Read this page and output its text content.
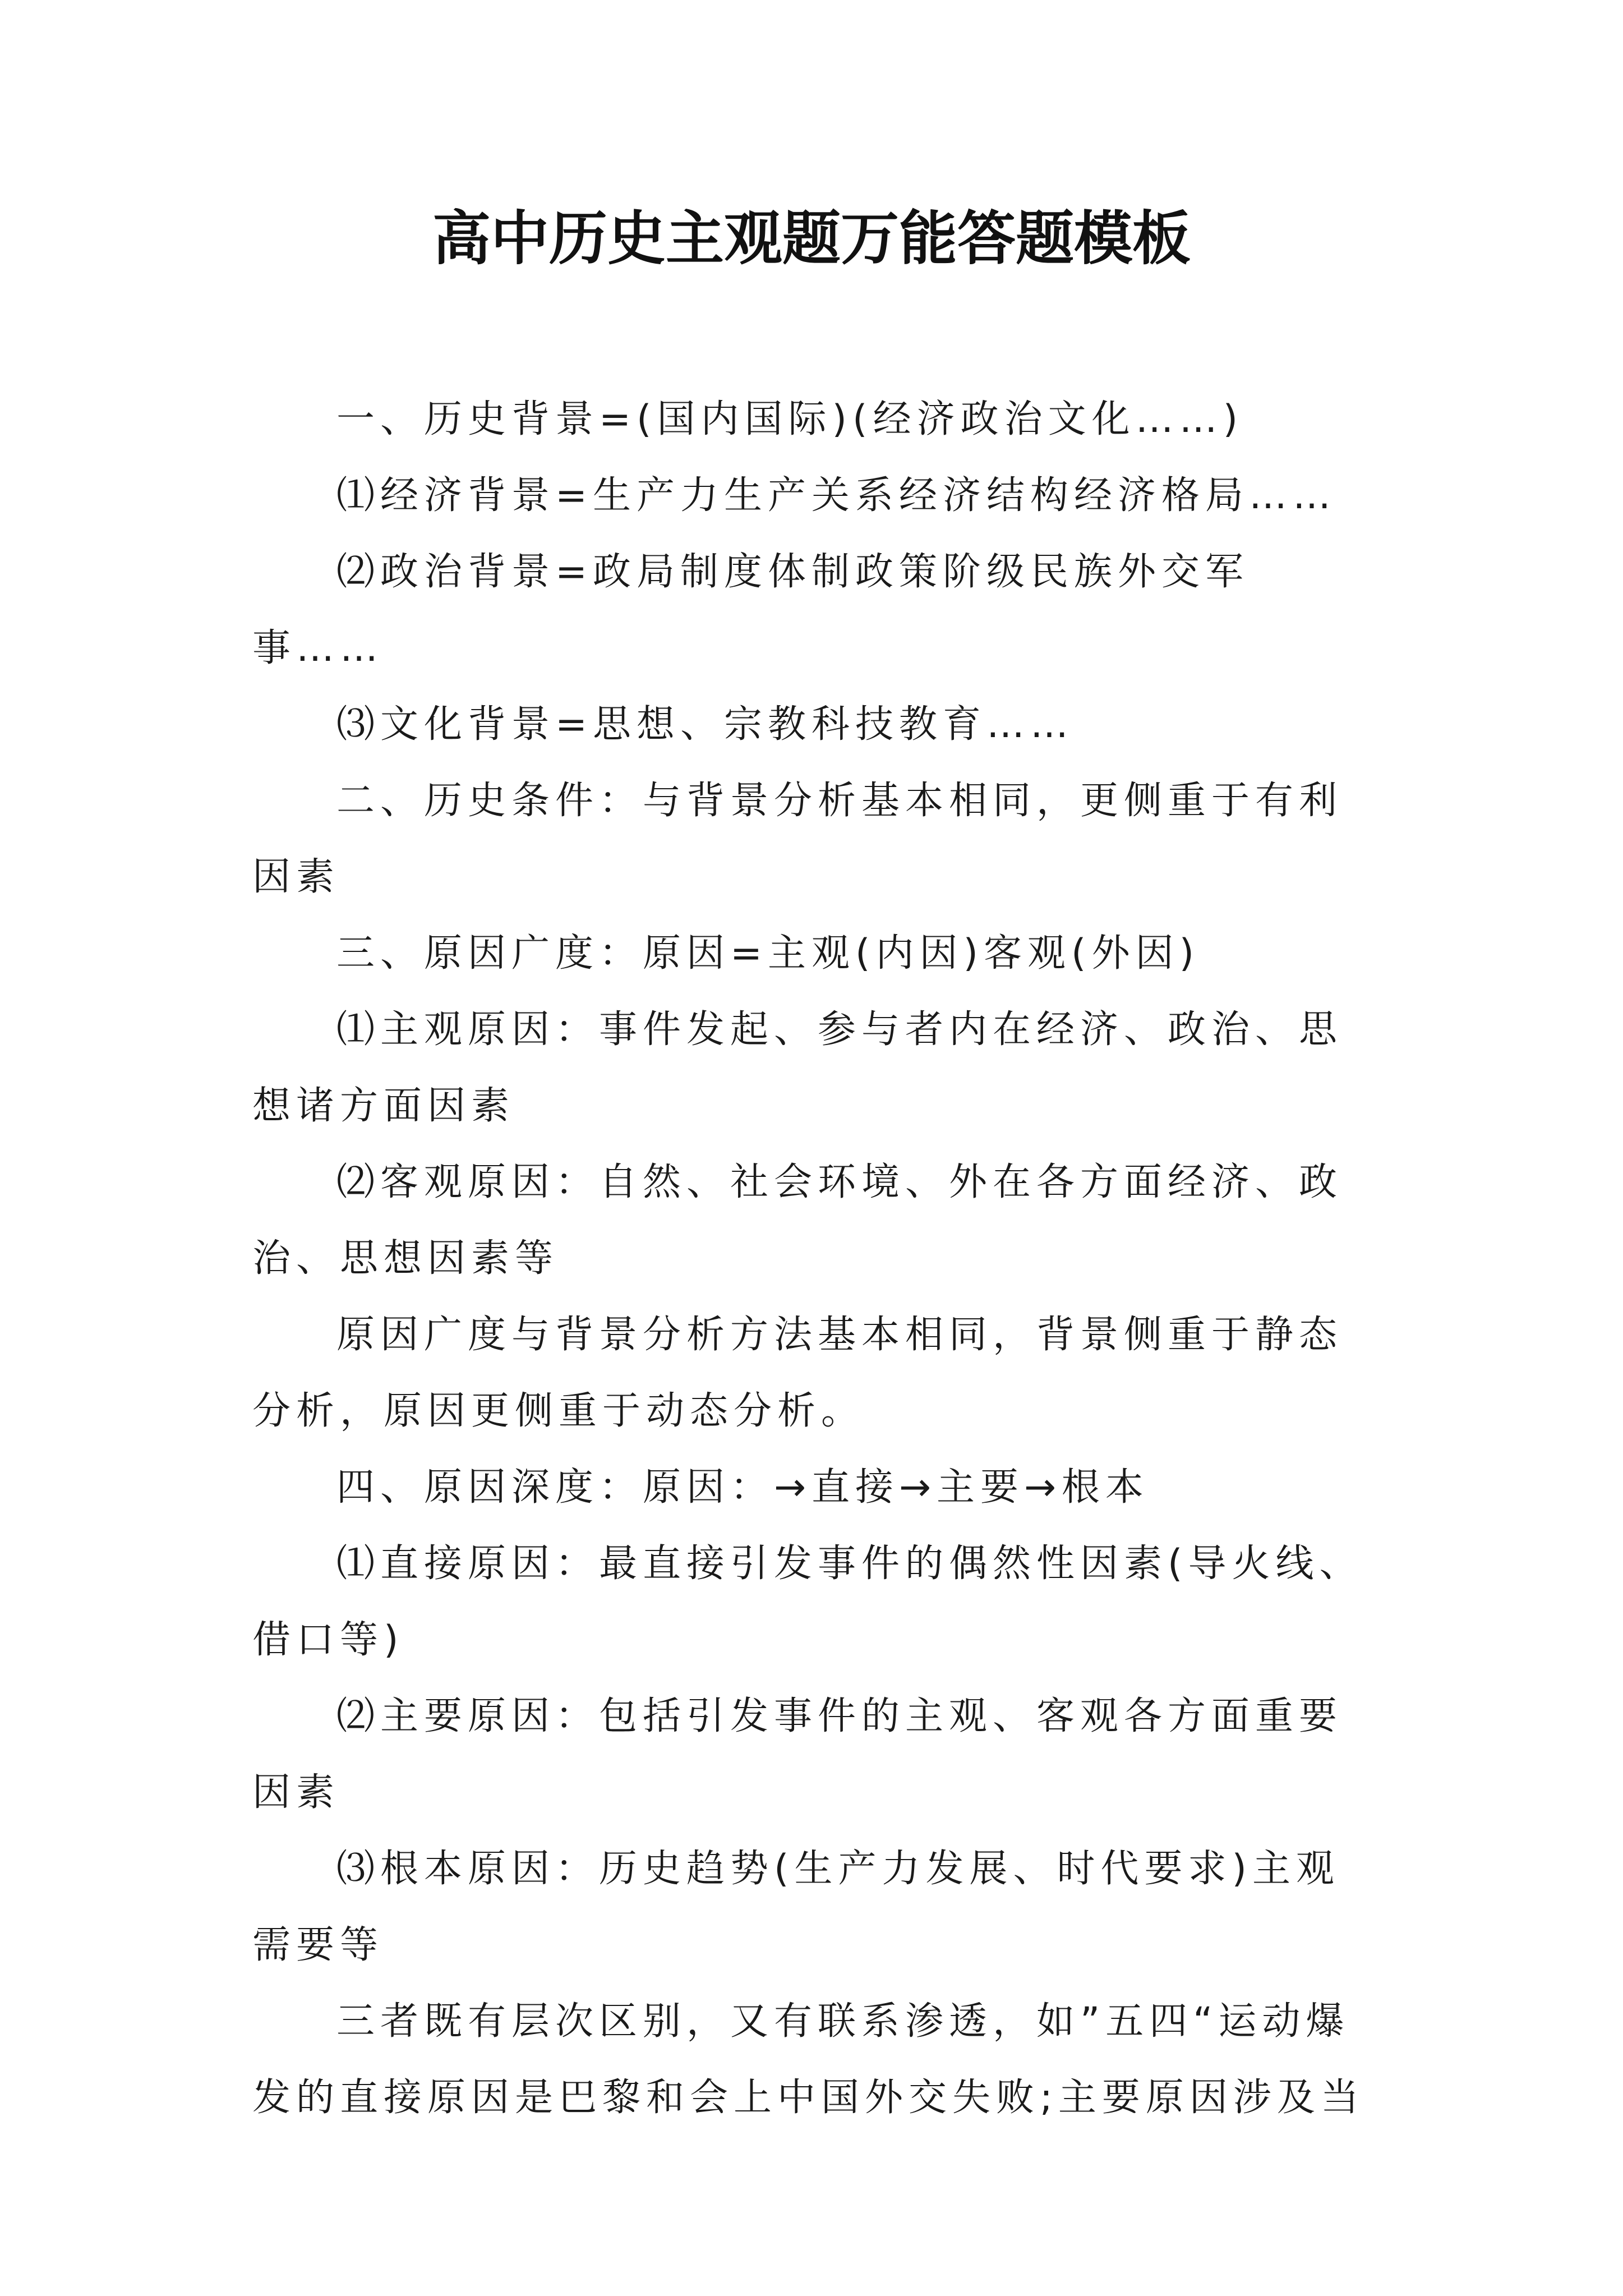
高中历史主观题万能答题模板

一、历史背景=(国内国际)(经济政治文化……)

⑴经济背景=生产力生产关系经济结构经济格局……

⑵政治背景=政局制度体制政策阶级民族外交军事……

⑶文化背景=思想、宗教科技教育……

二、历史条件：与背景分析基本相同，更侧重于有利因素

三、原因广度：原因=主观(内因)客观(外因)

⑴主观原因：事件发起、参与者内在经济、政治、思想诸方面因素

⑵客观原因：自然、社会环境、外在各方面经济、政治、思想因素等

原因广度与背景分析方法基本相同，背景侧重于静态分析，原因更侧重于动态分析。

四、原因深度：原因：→直接→主要→根本

⑴直接原因：最直接引发事件的偶然性因素(导火线、借口等)

⑵主要原因：包括引发事件的主观、客观各方面重要因素

⑶根本原因：历史趋势(生产力发展、时代要求)主观需要等

三者既有层次区别，又有联系渗透，如”五四“运动爆发的直接原因是巴黎和会上中国外交失败;主要原因涉及当
